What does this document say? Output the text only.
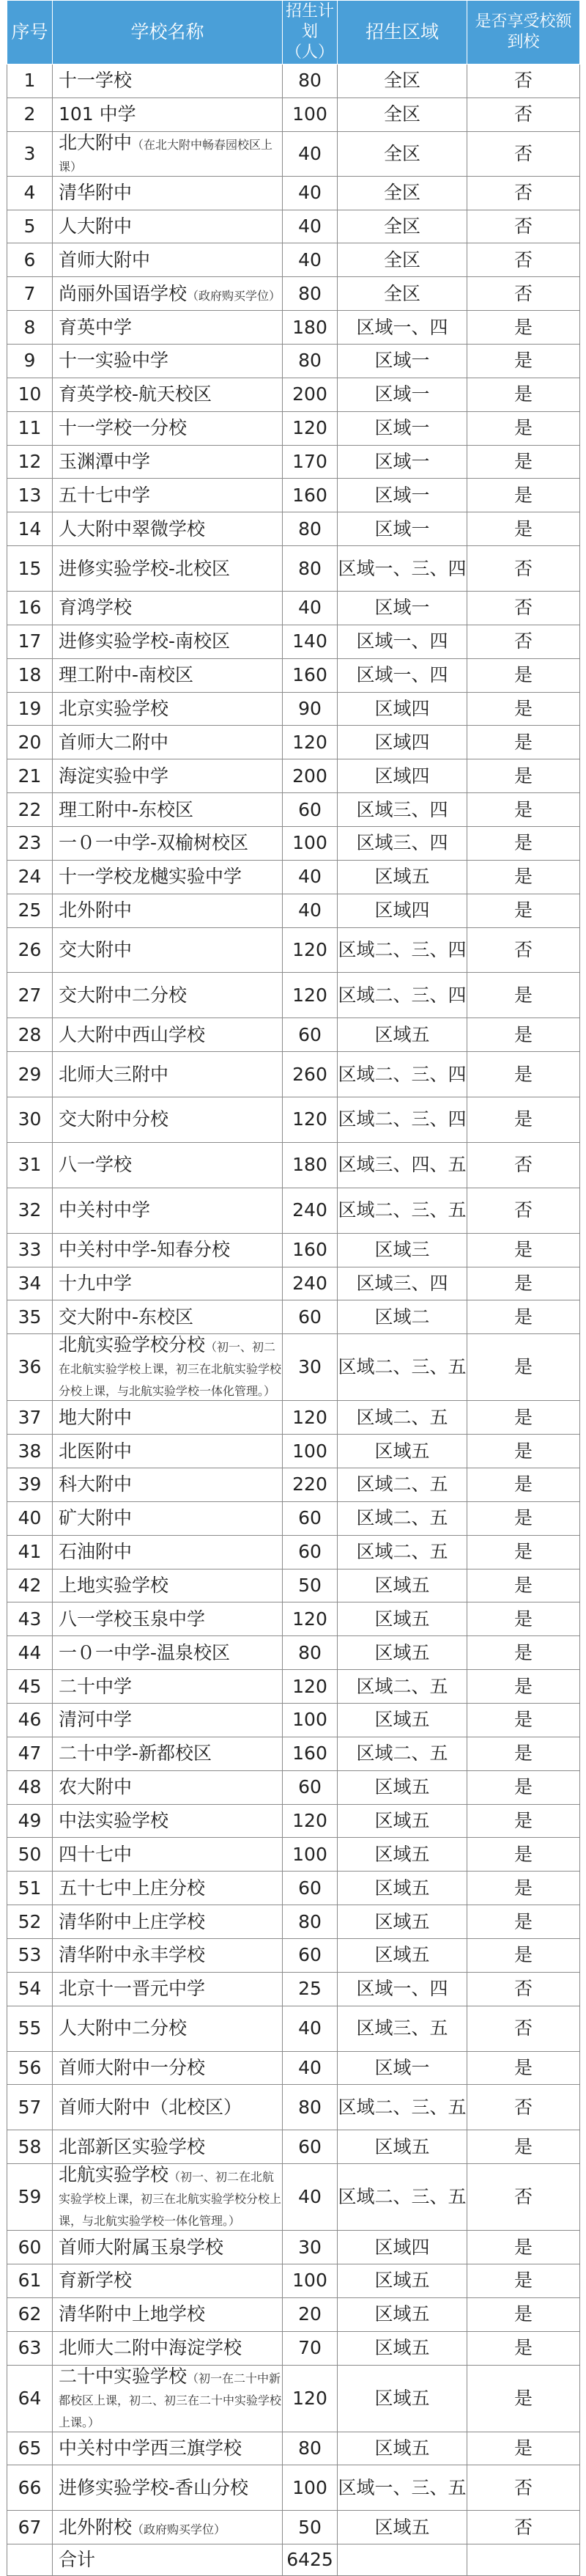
序号	学校名称	招生计划（人）	招生区域	是否享受校额到校
1	十一学校	80	全区	否
2	101 中学	100	全区	否
3	北大附中（在北大附中畅春园校区上课）	40	全区	否
4	清华附中	40	全区	否
5	人大附中	40	全区	否
6	首师大附中	40	全区	否
7	尚丽外国语学校（政府购买学位）	80	全区	否
8	育英中学	180	区域一、四	是
9	十一实验中学	80	区域一	是
10	育英学校-航天校区	200	区域一	是
11	十一学校一分校	120	区域一	是
12	玉渊潭中学	170	区域一	是
13	五十七中学	160	区域一	是
14	人大附中翠微学校	80	区域一	是
15	进修实验学校-北校区	80	区域一、三、四	否
16	育鸿学校	40	区域一	否
17	进修实验学校-南校区	140	区域一、四	否
18	理工附中-南校区	160	区域一、四	是
19	北京实验学校	90	区域四	是
20	首师大二附中	120	区域四	是
21	海淀实验中学	200	区域四	是
22	理工附中-东校区	60	区域三、四	是
23	一０一中学-双榆树校区	100	区域三、四	是
24	十一学校龙樾实验中学	40	区域五	是
25	北外附中	40	区域四	是
26	交大附中	120	区域二、三、四	否
27	交大附中二分校	120	区域二、三、四	是
28	人大附中西山学校	60	区域五	是
29	北师大三附中	260	区域二、三、四	是
30	交大附中分校	120	区域二、三、四	是
31	八一学校	180	区域三、四、五	否
32	中关村中学	240	区域二、三、五	否
33	中关村中学-知春分校	160	区域三	是
34	十九中学	240	区域三、四	是
35	交大附中-东校区	60	区域二	是
36	北航实验学校分校（初一、初二在北航实验学校上课，初三在北航实验学校分校上课，与北航实验学校一体化管理。）	30	区域二、三、五	是
37	地大附中	120	区域二、五	是
38	北医附中	100	区域五	是
39	科大附中	220	区域二、五	是
40	矿大附中	60	区域二、五	是
41	石油附中	60	区域二、五	是
42	上地实验学校	50	区域五	是
43	八一学校玉泉中学	120	区域五	是
44	一０一中学-温泉校区	80	区域五	是
45	二十中学	120	区域二、五	是
46	清河中学	100	区域五	是
47	二十中学-新都校区	160	区域二、五	是
48	农大附中	60	区域五	是
49	中法实验学校	120	区域五	是
50	四十七中	100	区域五	是
51	五十七中上庄分校	60	区域五	是
52	清华附中上庄学校	80	区域五	是
53	清华附中永丰学校	60	区域五	是
54	北京十一晋元中学	25	区域一、四	否
55	人大附中二分校	40	区域三、五	否
56	首师大附中一分校	40	区域一	是
57	首师大附中（北校区）	80	区域二、三、五	否
58	北部新区实验学校	60	区域五	是
59	北航实验学校（初一、初二在北航实验学校上课，初三在北航实验学校分校上课，与北航实验学校一体化管理。）	40	区域二、三、五	否
60	首师大附属玉泉学校	30	区域四	是
61	育新学校	100	区域五	是
62	清华附中上地学校	20	区域五	是
63	北师大二附中海淀学校	70	区域五	是
64	二十中实验学校（初一在二十中新都校区上课，初二、初三在二十中实验学校上课。）	120	区域五	是
65	中关村中学西三旗学校	80	区域五	是
66	进修实验学校-香山分校	100	区域一、三、五	否
67	北外附校（政府购买学位）	50	区域五	否
	合计	6425		
